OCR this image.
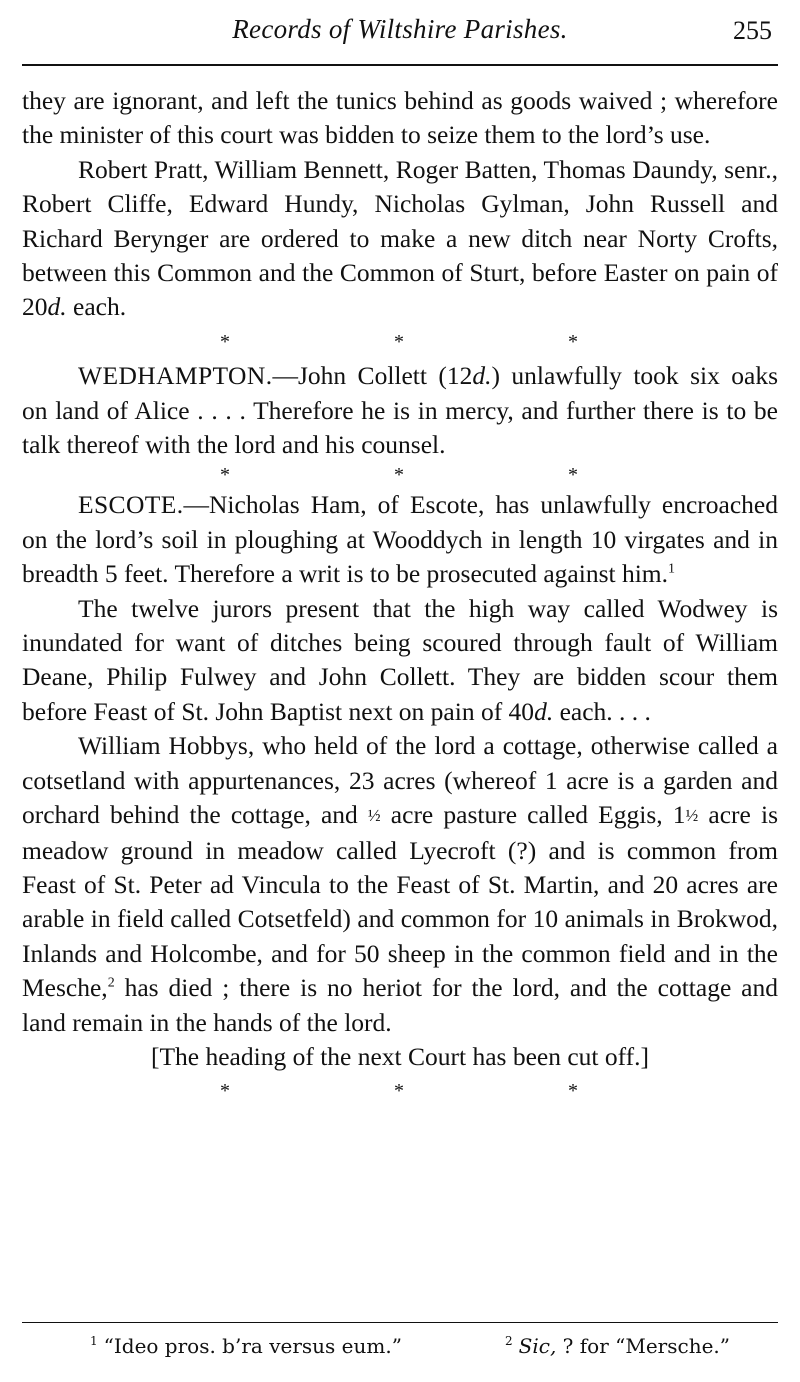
Records of Wiltshire Parishes.	255

they are ignorant, and left the tunics behind as goods waived ; wherefore the minister of this court was bidden to seize them to the lord’s use.

Robert Pratt, William Bennett, Roger Batten, Thomas Daundy, senr., Robert Cliffe, Edward Hundy, Nicholas Gylman, John Russell and Richard Berynger are ordered to make a new ditch near Norty Crofts, between this Common and the Common of Sturt, before Easter on pain of 20d. each.

*	*	*

WEDHAMPTON.—John Collett (12d.) unlawfully took six oaks on land of Alice . . . . Therefore he is in mercy, and further there is to be talk thereof with the lord and his counsel.

*	*	*

ESCOTE.—Nicholas Ham, of Escote, has unlawfully encroached on the lord’s soil in ploughing at Wooddych in length 10 virgates and in breadth 5 feet. Therefore a writ is to be prosecuted against him.$^1$

The twelve jurors present that the high way called Wodwey is inundated for want of ditches being scoured through fault of William Deane, Philip Fulwey and John Collett. They are bidden scour them before Feast of St. John Baptist next on pain of 40d. each. . . .

William Hobbys, who held of the lord a cottage, otherwise called a cotsetland with appurtenances, 23 acres (whereof 1 acre is a garden and orchard behind the cottage, and ½ acre pasture called Eggis, 1½ acre is meadow ground in meadow called Lyecroft (?) and is common from Feast of St. Peter ad Vincula to the Feast of St. Martin, and 20 acres are arable in field called Cotsetfeld) and common for 10 animals in Brokwod, Inlands and Holcombe, and for 50 sheep in the common field and in the Mesche,$^2$ has died ; there is no heriot for the lord, and the cottage and land remain in the hands of the lord.

[The heading of the next Court has been cut off.]

*	*	*
$^1$ “Ideo pros. b’ra versus eum.”	$^2$ Sic, ? for “Mersche.”
